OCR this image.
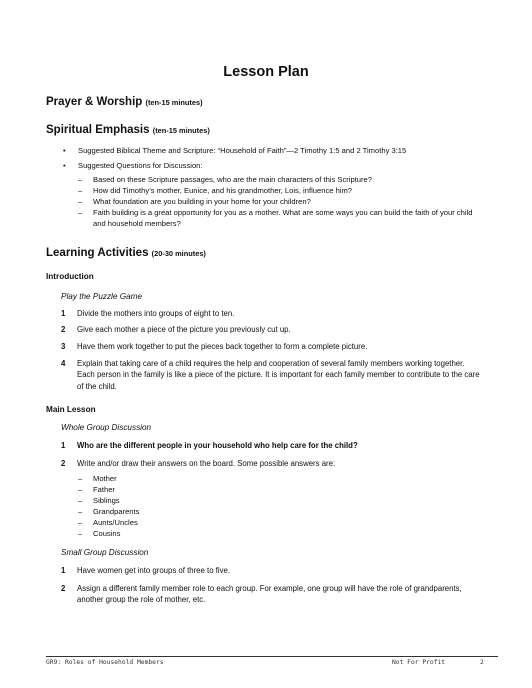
Lesson Plan
Prayer & Worship (ten-15 minutes)
Spiritual Emphasis (ten-15 minutes)
• Suggested Biblical Theme and Scripture: “Household of Faith”—2 Timothy 1:5 and 2 Timothy 3:15
• Suggested Questions for Discussion:
– Based on these Scripture passages, who are the main characters of this Scripture?
– How did Timothy’s mother, Eunice, and his grandmother, Lois, influence him?
– What foundation are you building in your home for your children?
– Faith building is a great opportunity for you as a mother. What are some ways you can build the faith of your child and household members?
Learning Activities (20-30 minutes)
Introduction
Play the Puzzle Game
1 Divide the mothers into groups of eight to ten.
2 Give each mother a piece of the picture you previously cut up.
3 Have them work together to put the pieces back together to form a complete picture.
4 Explain that taking care of a child requires the help and cooperation of several family members working together. Each person in the family is like a piece of the picture. It is important for each family member to contribute to the care of the child.
Main Lesson
Whole Group Discussion
1 Who are the different people in your household who help care for the child?
2 Write and/or draw their answers on the board. Some possible answers are:
– Mother
– Father
– Siblings
– Grandparents
– Aunts/Uncles
– Cousins
Small Group Discussion
1 Have women get into groups of three to five.
2 Assign a different family member role to each group. For example, one group will have the role of grandparents, another group the role of mother, etc.
GR9: Roles of Household Members	Not For Profit	2
